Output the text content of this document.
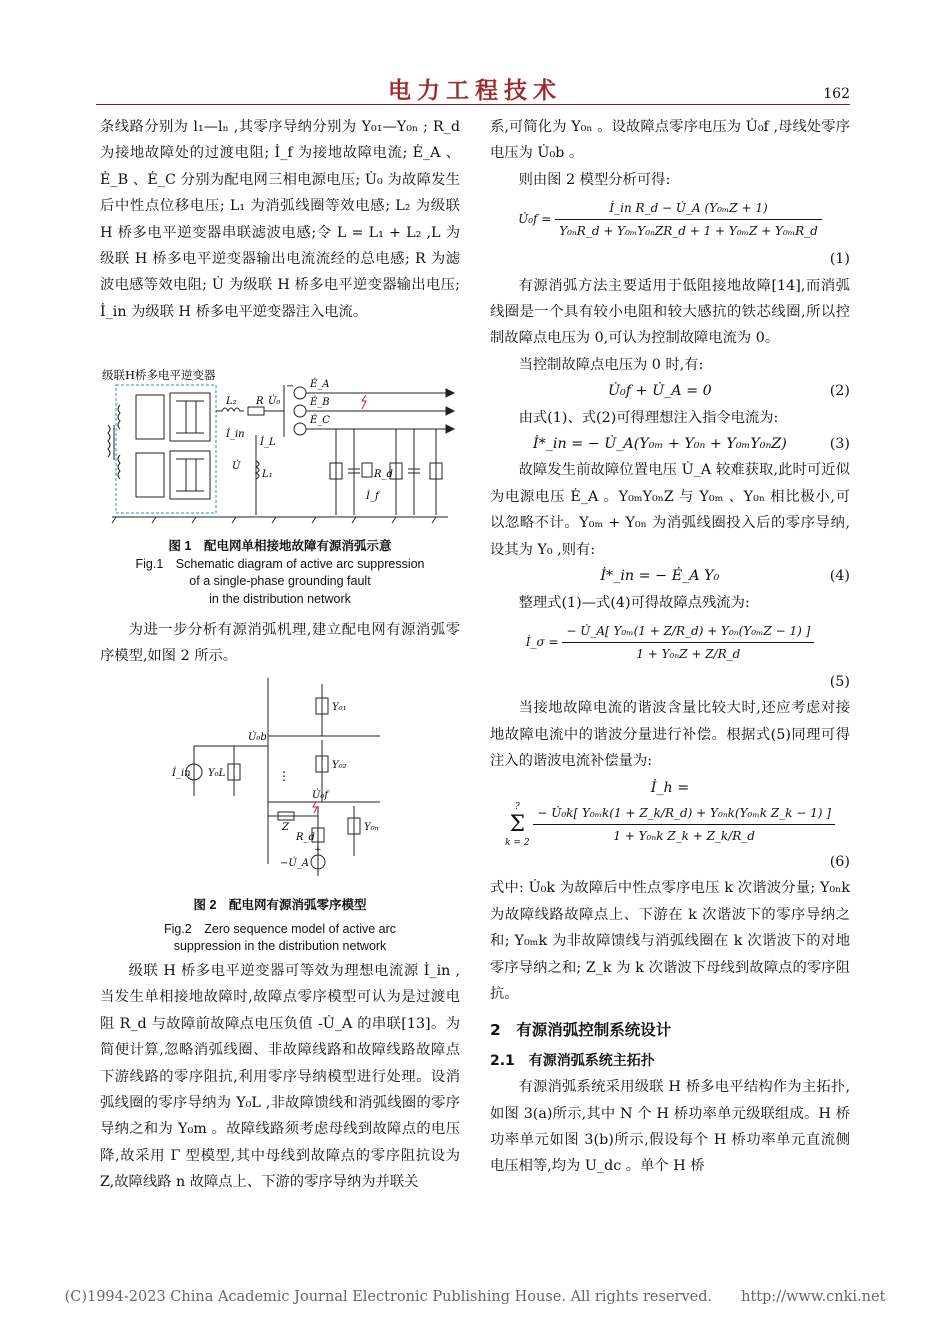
电力工程技术	162

条线路分别为 l₁—lₙ ,其零序导纳分别为 Y₀₁—Y₀ₙ ; R_d 为接地故障处的过渡电阻; İ_f 为接地故障电流; Ė_A 、Ė_B 、Ė_C 分别为配电网三相电源电压; U̇₀ 为故障发生后中性点位移电压; L₁ 为消弧线圈等效电感; L₂ 为级联 H 桥多电平逆变器串联滤波电感;令 L = L₁ + L₂ ,L 为级联 H 桥多电平逆变器输出电流流经的总电感; R 为滤波电感等效电阻; U̇ 为级联 H 桥多电平逆变器输出电压; İ_in 为级联 H 桥多电平逆变器注入电流。

级联H桥多电平逆变器
L₂ R U̇₀
İ_in
U̇
− Ė_A
Ė_B
Ė_C
İ_L
L₁	R_d
İ_f
图 1　配电网单相接地故障有源消弧示意
Fig.1　Schematic diagram of active arc suppression
of a single-phase grounding fault
in the distribution network

为进一步分析有源消弧机理,建立配电网有源消弧零序模型,如图 2 所示。

Y₀₁
Y₀₂
Y₀ₙ
U̇₀b
İ_in Y₀L	⋮
Z
U̇₀f
R_d
+
−U̇_A
图 2　配电网有源消弧零序模型
Fig.2　Zero sequence model of active arc
suppression in the distribution network

级联 H 桥多电平逆变器可等效为理想电流源 İ_in ,当发生单相接地故障时,故障点零序模型可认为是过渡电阻 R_d 与故障前故障点电压负值 -U̇_A 的串联[13]。为简便计算,忽略消弧线圈、非故障线路和故障线路故障点下游线路的零序阻抗,利用零序导纳模型进行处理。设消弧线圈的零序导纳为 Y₀L ,非故障馈线和消弧线圈的零序导纳之和为 Y₀m 。故障线路须考虑母线到故障点的电压降,故采用 Γ 型模型,其中母线到故障点的零序阻抗设为 Z,故障线路 n 故障点上、下游的零序导纳为并联关

系,可简化为 Y₀ₙ 。设故障点零序电压为 U̇₀f ,母线处零序电压为 U̇₀b 。

则由图 2 模型分析可得:

U̇₀f = $\frac{\text{İ\_in R\_d − U̇\_A (Y₀ₘZ + 1)}}{\text{Y₀ₙR\_d + Y₀ₘY₀ₙZR\_d + 1 + Y₀ₘZ + Y₀ₘR\_d}}$
(1)

有源消弧方法主要适用于低阻接地故障[14],而消弧线圈是一个具有较小电阻和较大感抗的铁芯线圈,所以控制故障点电压为 0,可认为控制故障电流为 0。

当控制故障点电压为 0 时,有:

U̇₀f + U̇_A = 0	(2)

由式(1)、式(2)可得理想注入指令电流为:

İ*_in = − U̇_A(Y₀ₘ + Y₀ₙ + Y₀ₘY₀ₙZ)	(3)

故障发生前故障位置电压 U̇_A 较难获取,此时可近似为电源电压 Ė_A 。Y₀ₘY₀ₙZ 与 Y₀ₘ 、Y₀ₙ 相比极小,可以忽略不计。Y₀ₘ + Y₀ₙ 为消弧线圈投入后的零序导纳,设其为 Y₀ ,则有:

İ*_in = − Ė_A Y₀	(4)

整理式(1)—式(4)可得故障点残流为:

İ_σ = $\frac{\text{− U̇\_A[ Y₀ₘ(1 + Z/R\_d) + Y₀ₙ(Y₀ₘZ − 1) ]}}{\text{1 + Y₀ₙZ + Z/R\_d}}$
(5)

当接地故障电流的谐波含量比较大时,还应考虑对接地故障电流中的谐波分量进行补偿。根据式(5)同理可得注入的谐波电流补偿量为:

İ_h =
?
Σ
k = 2
$\frac{\text{− U̇₀k[ Y₀ₘk(1 + Z\_k/R\_d) + Y₀ₙk(Y₀ₘk Z\_k − 1) ]}}{\text{1 + Y₀ₙk Z\_k + Z\_k/R\_d}}$
(6)

式中: U̇₀k 为故障后中性点零序电压 k 次谐波分量; Y₀ₙk 为故障线路故障点上、下游在 k 次谐波下的零序导纳之和; Y₀ₘk 为非故障馈线与消弧线圈在 k 次谐波下的对地零序导纳之和; Z_k 为 k 次谐波下母线到故障点的零序阻抗。

2　有源消弧控制系统设计
2.1　有源消弧系统主拓扑

有源消弧系统采用级联 H 桥多电平结构作为主拓扑,如图 3(a)所示,其中 N 个 H 桥功率单元级联组成。H 桥功率单元如图 3(b)所示,假设每个 H 桥功率单元直流侧电压相等,均为 U_dc 。单个 H 桥

(C)1994-2023 China Academic Journal Electronic Publishing House. All rights reserved.　　http://www.cnki.net
